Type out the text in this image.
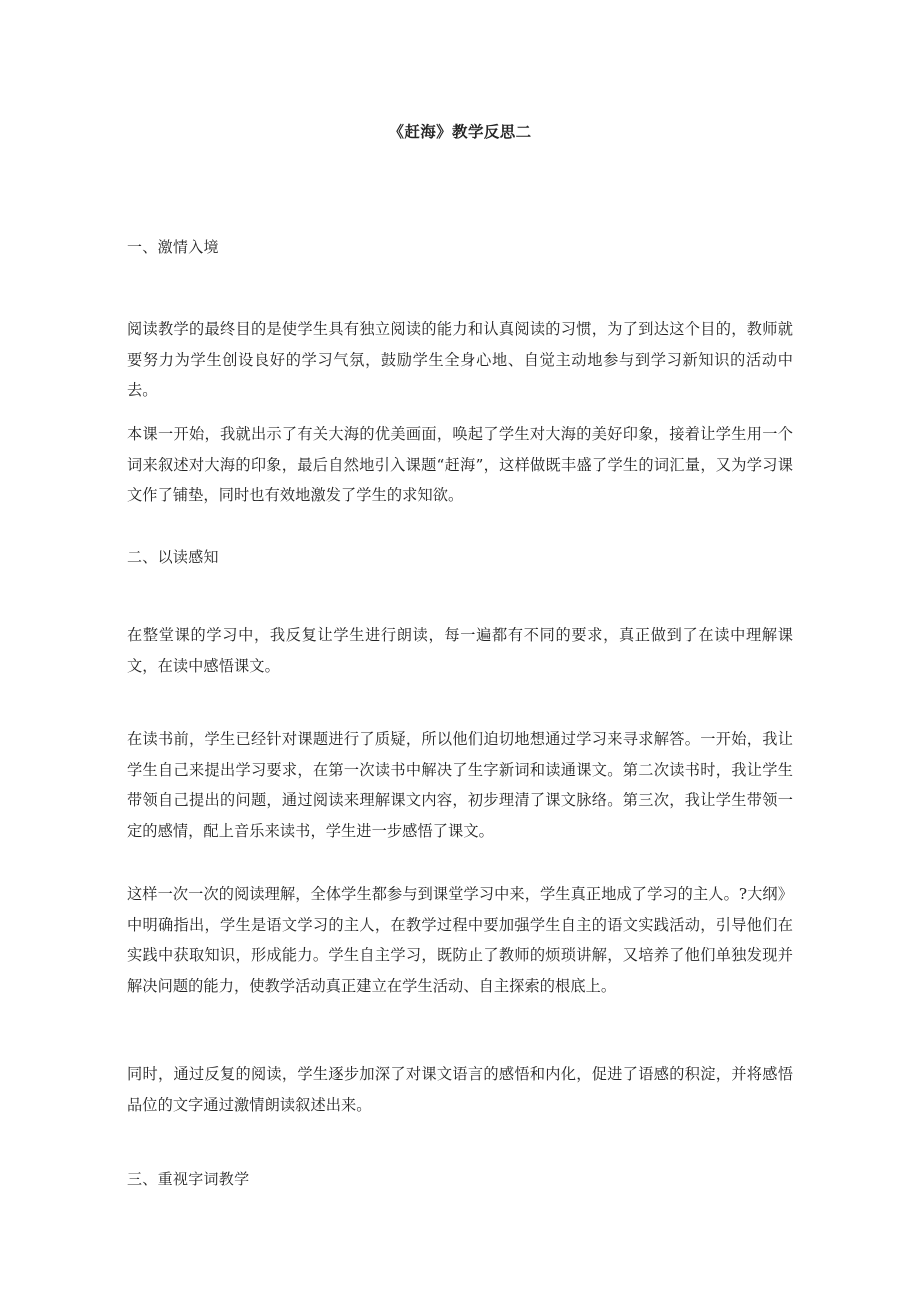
《赶海》教学反思二

一、激情入境

阅读教学的最终目的是使学生具有独立阅读的能力和认真阅读的习惯，为了到达这个目的，教师就要努力为学生创设良好的学习气氛，鼓励学生全身心地、自觉主动地参与到学习新知识的活动中去。

本课一开始，我就出示了有关大海的优美画面，唤起了学生对大海的美好印象，接着让学生用一个词来叙述对大海的印象，最后自然地引入课题“赶海”，这样做既丰盛了学生的词汇量，又为学习课文作了铺垫，同时也有效地激发了学生的求知欲。

二、以读感知

在整堂课的学习中，我反复让学生进行朗读，每一遍都有不同的要求，真正做到了在读中理解课文，在读中感悟课文。

在读书前，学生已经针对课题进行了质疑，所以他们迫切地想通过学习来寻求解答。一开始，我让学生自己来提出学习要求，在第一次读书中解决了生字新词和读通课文。第二次读书时，我让学生带领自己提出的问题，通过阅读来理解课文内容，初步理清了课文脉络。第三次，我让学生带领一定的感情，配上音乐来读书，学生进一步感悟了课文。

这样一次一次的阅读理解，全体学生都参与到课堂学习中来，学生真正地成了学习的主人。?大纲》中明确指出，学生是语文学习的主人，在教学过程中要加强学生自主的语文实践活动，引导他们在实践中获取知识，形成能力。学生自主学习，既防止了教师的烦琐讲解，又培养了他们单独发现并解决问题的能力，使教学活动真正建立在学生活动、自主探索的根底上。

同时，通过反复的阅读，学生逐步加深了对课文语言的感悟和内化，促进了语感的积淀，并将感悟品位的文字通过激情朗读叙述出来。

三、重视字词教学
